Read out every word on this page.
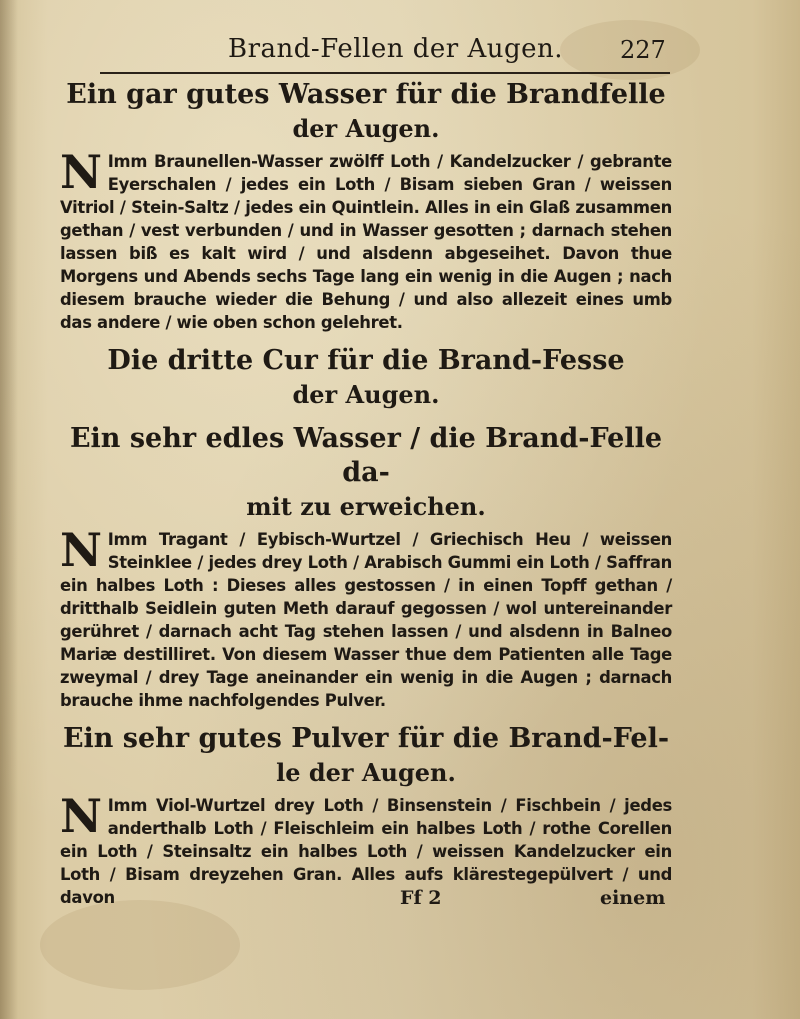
Brand-Fellen der Augen. 227

Ein gar gutes Wasser für die Brandfelle
der Augen.

N Imm Braunellen-Wasser zwölff Loth / Kandelzucker / gebrante Eyerschalen / jedes ein Loth / Bisam sieben Gran / weissen Vitriol / Stein-Saltz / jedes ein Quintlein. Alles in ein Glaß zusammen gethan / vest verbunden / und in Wasser gesotten ; darnach stehen lassen biß es kalt wird / und alsdenn abgeseihet. Davon thue Morgens und Abends sechs Tage lang ein wenig in die Augen ; nach diesem brauche wieder die Behung / und also allezeit eines umb das andere / wie oben schon gelehret.

Die dritte Cur für die Brand-Fesse
der Augen.

Ein sehr edles Wasser / die Brand-Felle da-
mit zu erweichen.

N Imm Tragant / Eybisch-Wurtzel / Griechisch Heu / weissen Steinklee / jedes drey Loth / Arabisch Gummi ein Loth / Saffran ein halbes Loth : Dieses alles gestossen / in einen Topff gethan / dritthalb Seidlein guten Meth darauf gegossen / wol untereinander gerühret / darnach acht Tag stehen lassen / und alsdenn in Balneo Mariæ destilliret. Von diesem Wasser thue dem Patienten alle Tage zweymal / drey Tage aneinander ein wenig in die Augen ; darnach brauche ihme nachfolgendes Pulver.

Ein sehr gutes Pulver für die Brand-Fel-
le der Augen.

N Imm Viol-Wurtzel drey Loth / Binsenstein / Fischbein / jedes anderthalb Loth / Fleischleim ein halbes Loth / rothe Corellen ein Loth / Steinsaltz ein halbes Loth / weissen Kandelzucker ein Loth / Bisam dreyzehen Gran. Alles aufs klärestegepülvert / und davon	Ff 2	einem
